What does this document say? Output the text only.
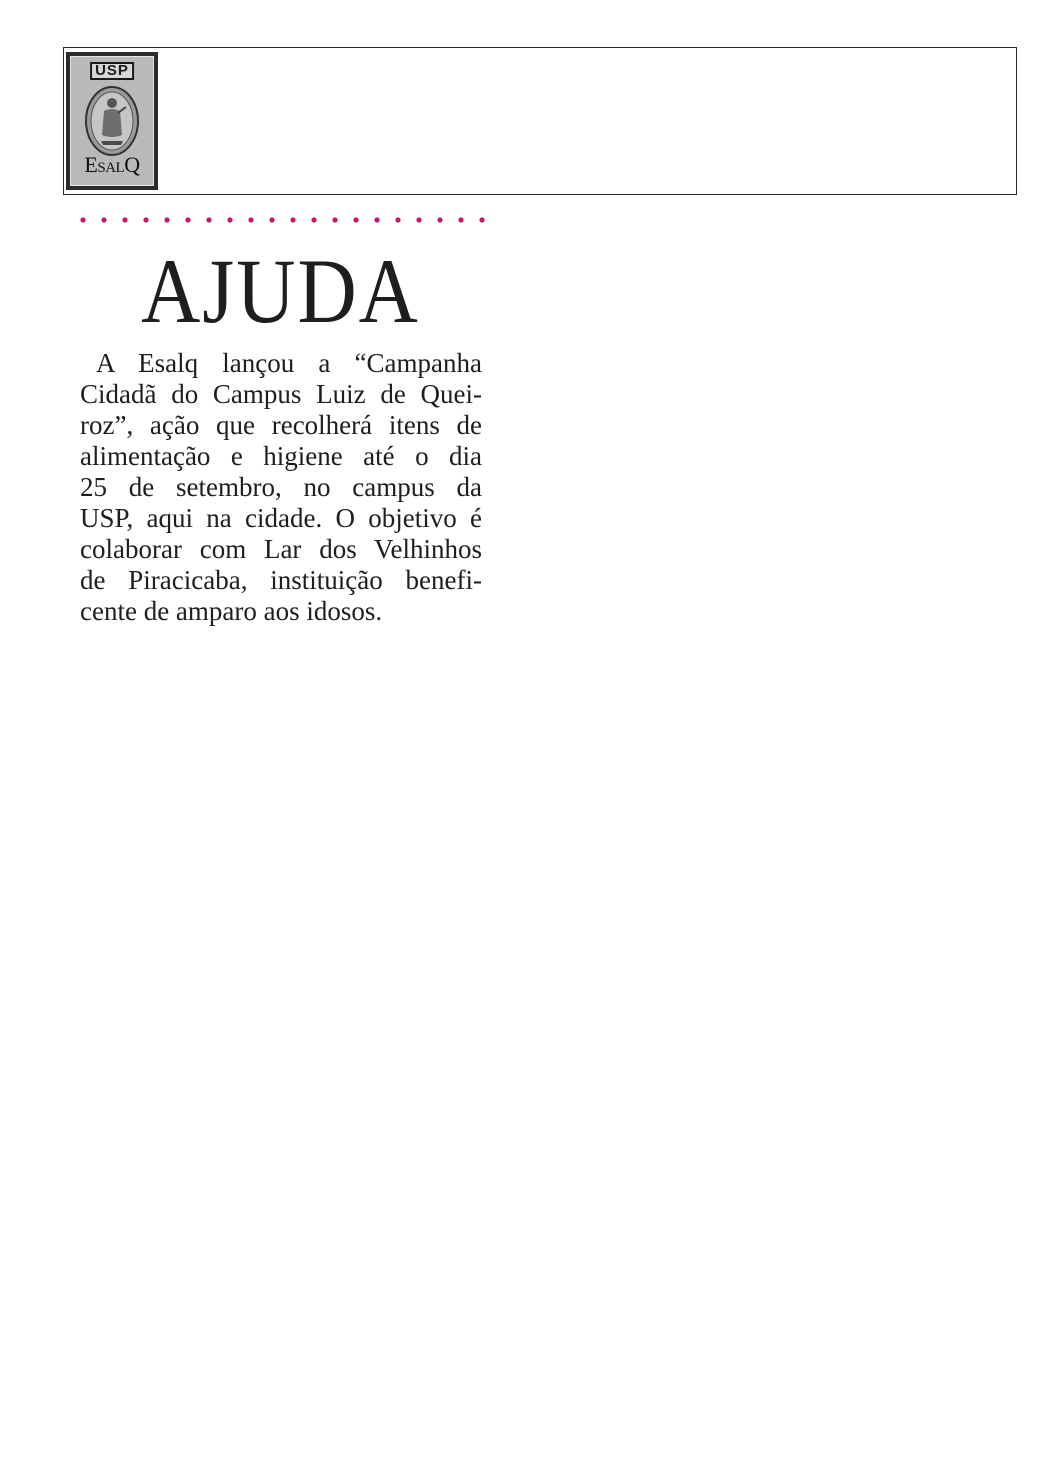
USP
ESALQ
AJUDA
A Esalq lançou a “Campanha
Cidadã do Campus Luiz de Quei-
roz”, ação que recolherá itens de
alimentação e higiene até o dia
25 de setembro, no campus da
USP, aqui na cidade. O objetivo é
colaborar com Lar dos Velhinhos
de Piracicaba, instituição benefi-
cente de amparo aos idosos.
